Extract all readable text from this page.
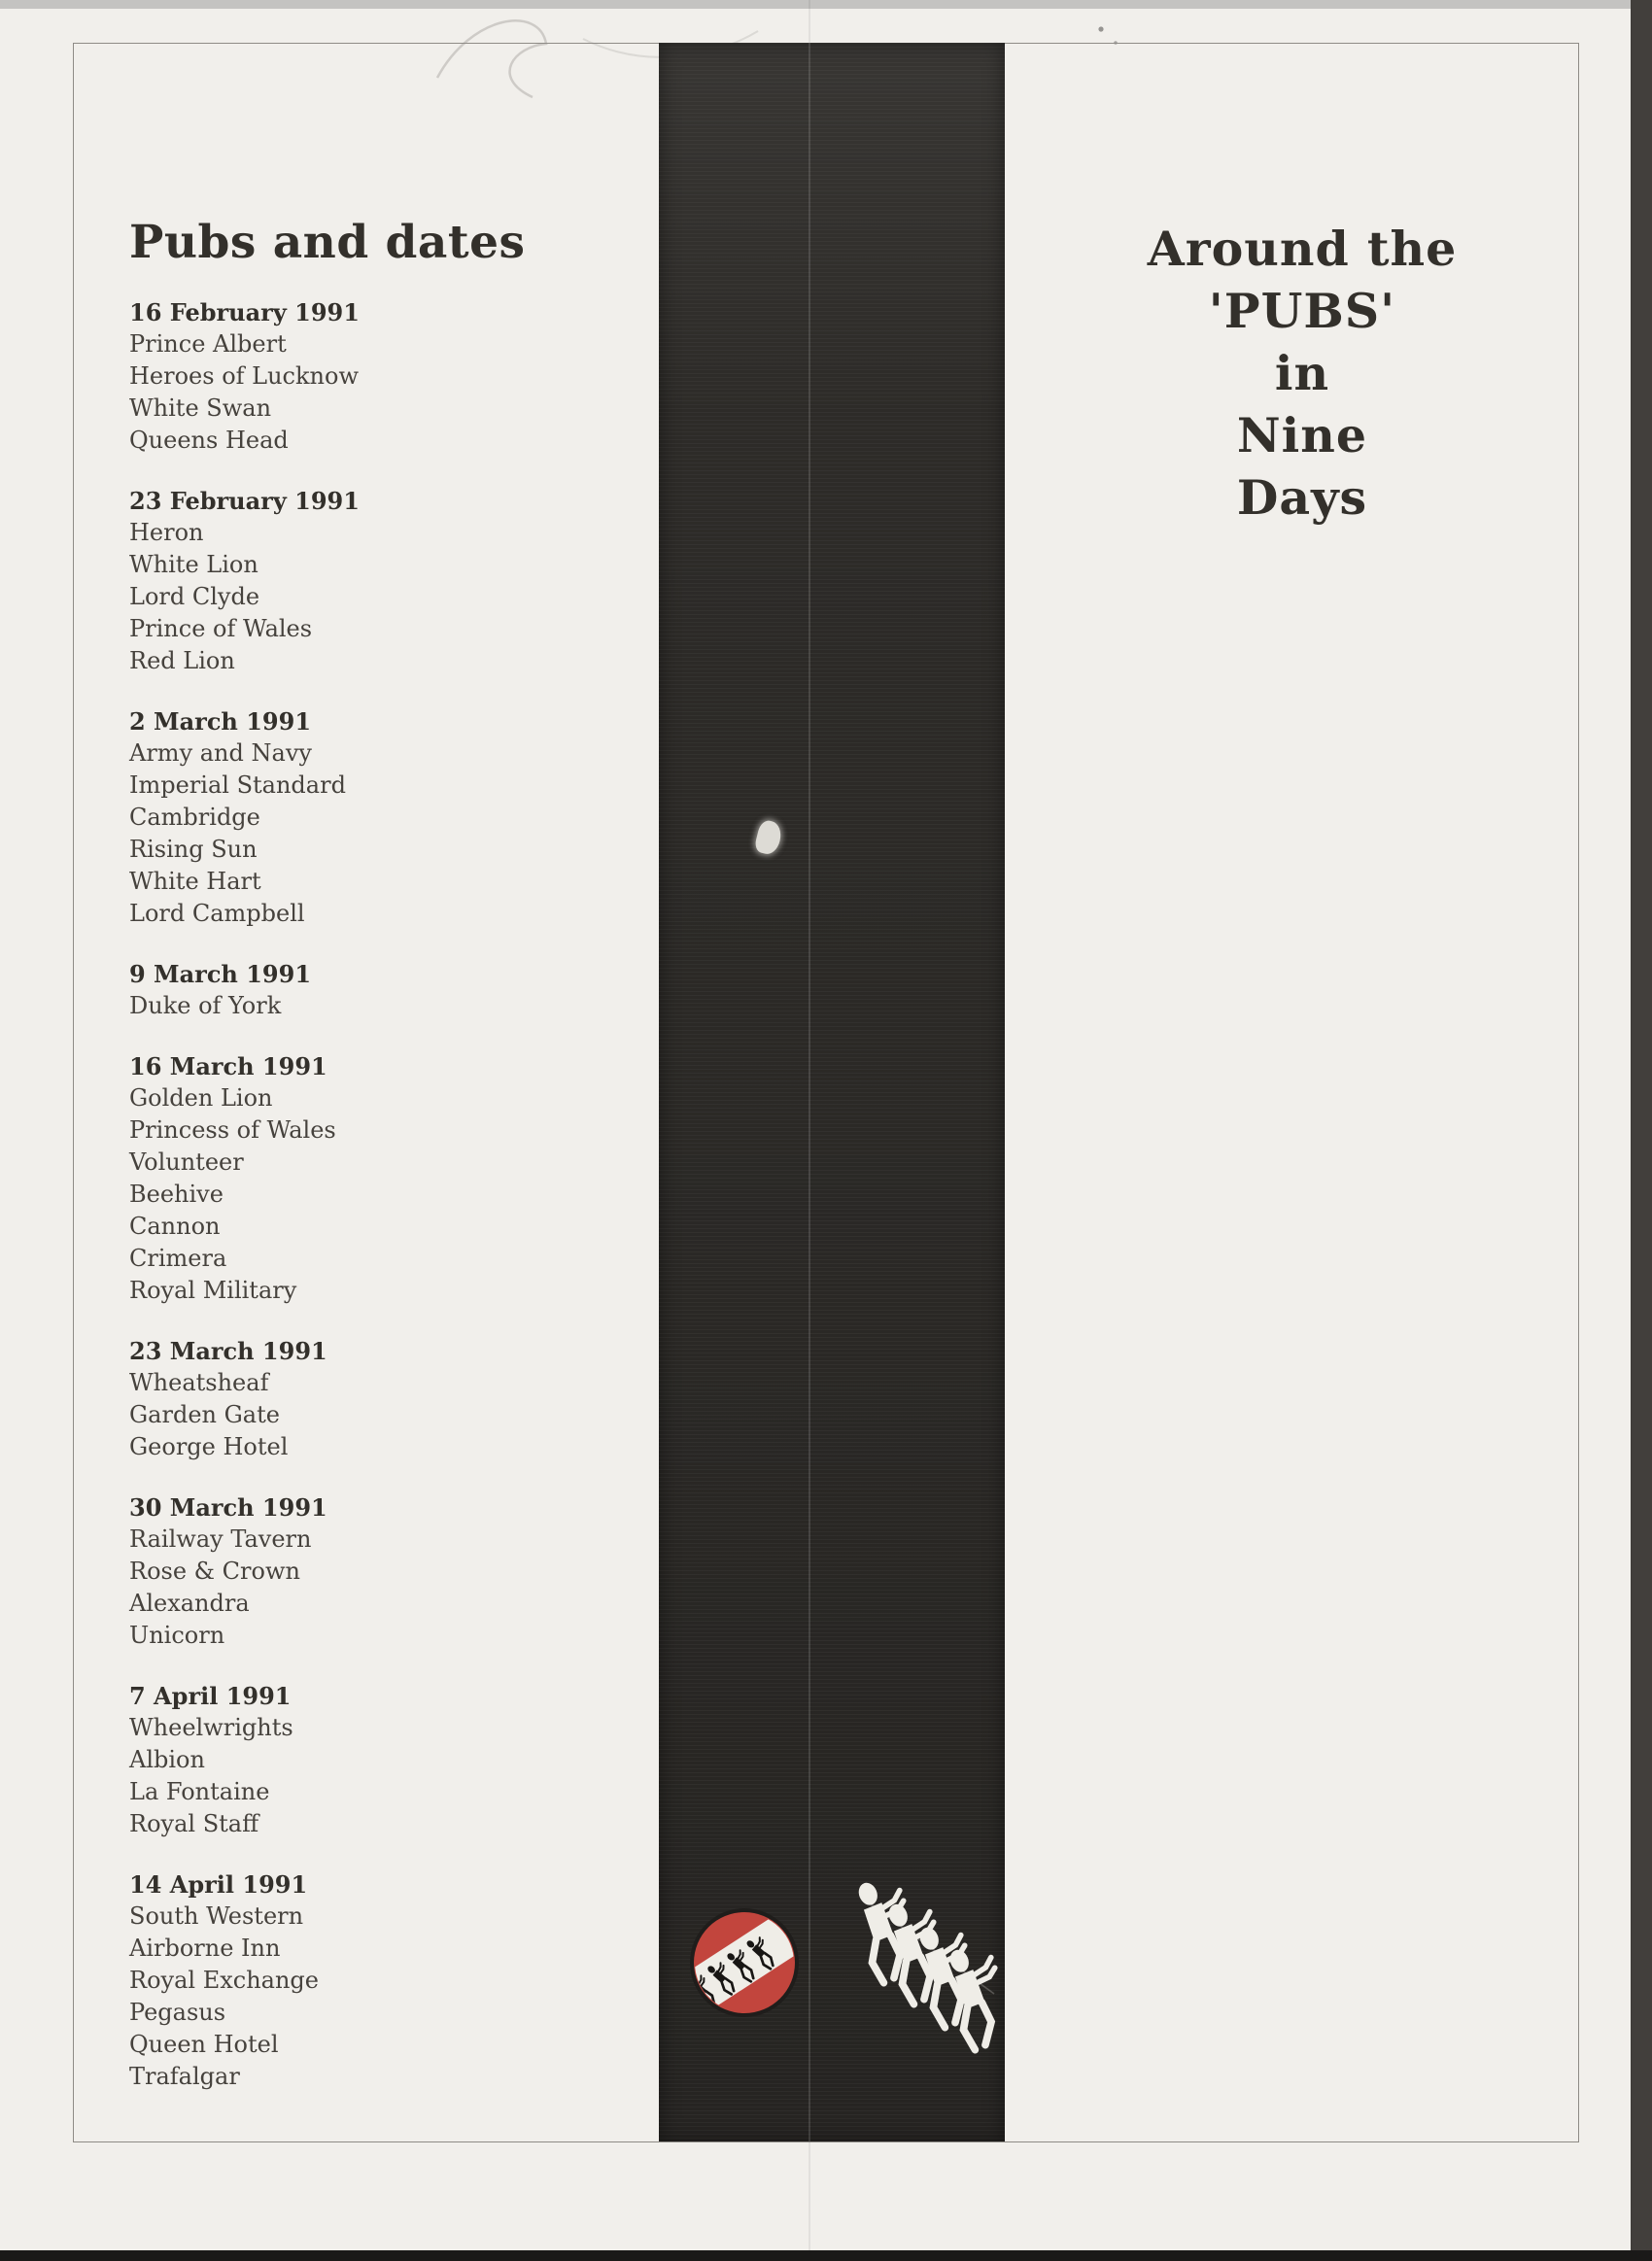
Pubs and dates
16 February 1991
Prince Albert
Heroes of Lucknow
White Swan
Queens Head
23 February 1991
Heron
White Lion
Lord Clyde
Prince of Wales
Red Lion
2 March 1991
Army and Navy
Imperial Standard
Cambridge
Rising Sun
White Hart
Lord Campbell
9 March 1991
Duke of York
16 March 1991
Golden Lion
Princess of Wales
Volunteer
Beehive
Cannon
Crimera
Royal Military
23 March 1991
Wheatsheaf
Garden Gate
George Hotel
30 March 1991
Railway Tavern
Rose & Crown
Alexandra
Unicorn
7 April 1991
Wheelwrights
Albion
La Fontaine
Royal Staff
14 April 1991
South Western
Airborne Inn
Royal Exchange
Pegasus
Queen Hotel
Trafalgar
Around the
'PUBS'
in
Nine
Days
